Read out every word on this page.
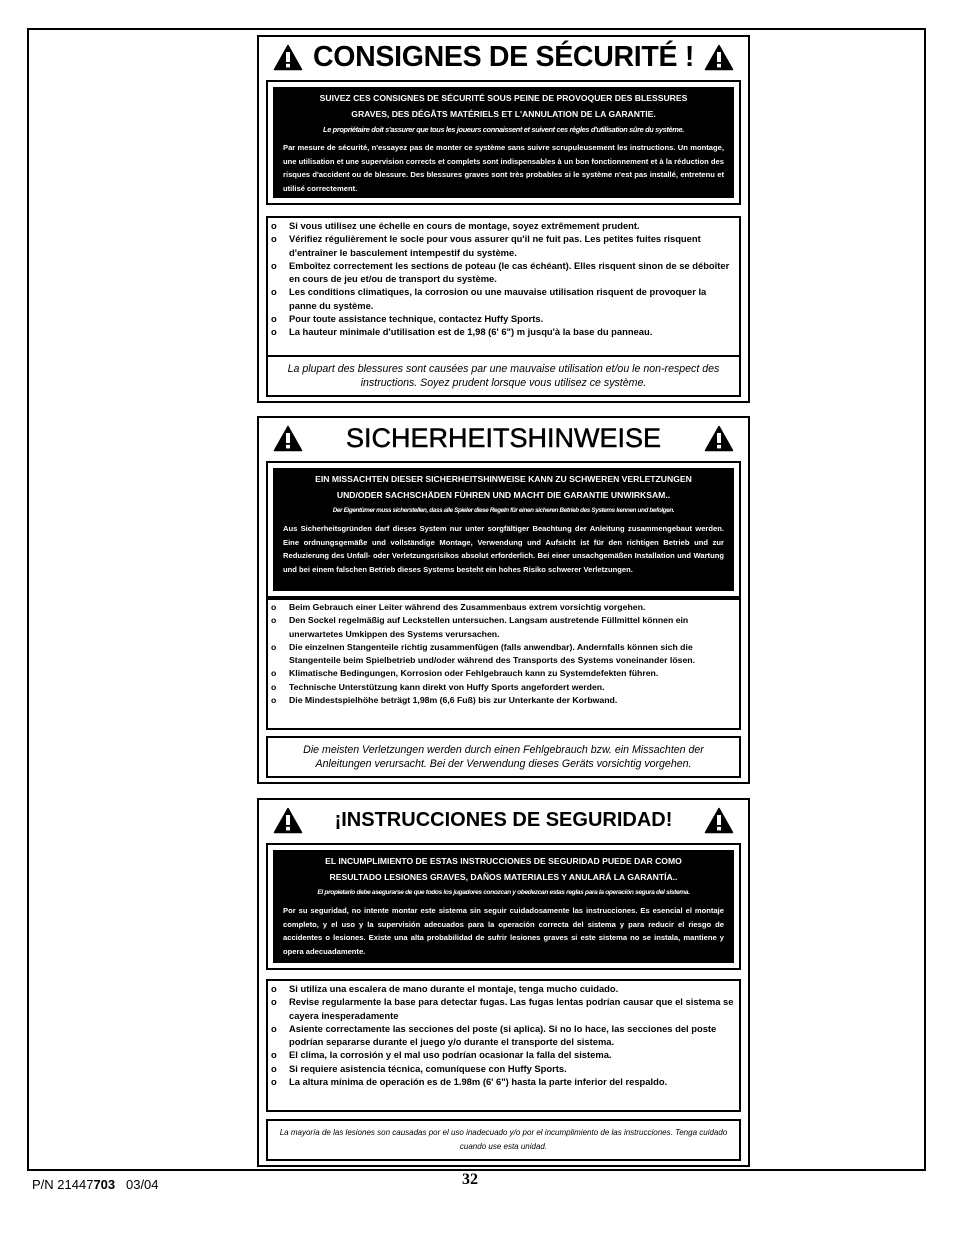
CONSIGNES DE SÉCURITÉ !
SUIVEZ CES CONSIGNES DE SÉCURITÉ SOUS PEINE DE PROVOQUER DES BLESSURES
GRAVES, DES DÉGÂTS MATÉRIELS ET L'ANNULATION DE LA GARANTIE.
Le propriétaire doit s'assurer que tous les joueurs connaissent et suivent ces règles d'utilisation sûre du système.
Par mesure de sécurité, n'essayez pas de monter ce système sans suivre scrupuleusement les instructions. Un montage, une utilisation et une supervision corrects et complets sont indispensables à un bon fonctionnement et à la réduction des risques d'accident ou de blessure. Des blessures graves sont très probables si le système n'est pas installé, entretenu et utilisé correctement.
o Si vous utilisez une échelle en cours de montage, soyez extrêmement prudent.
o Vérifiez régulièrement le socle pour vous assurer qu'il ne fuit pas. Les petites fuites risquent d'entraîner le basculement intempestif du système.
o Emboîtez correctement les sections de poteau (le cas échéant). Elles risquent sinon de se déboîter en cours de jeu et/ou de transport du système.
o Les conditions climatiques, la corrosion ou une mauvaise utilisation risquent de provoquer la panne du système.
o Pour toute assistance technique, contactez Huffy Sports.
o La hauteur minimale d'utilisation est de 1,98 (6' 6") m jusqu'à la base du panneau.
La plupart des blessures sont causées par une mauvaise utilisation et/ou le non-respect des instructions. Soyez prudent lorsque vous utilisez ce système.
SICHERHEITSHINWEISE
EIN MISSACHTEN DIESER SICHERHEITSHINWEISE KANN ZU SCHWEREN VERLETZUNGEN
UND/ODER SACHSCHÄDEN FÜHREN UND MACHT DIE GARANTIE UNWIRKSAM..
Der Eigentümer muss sicherstellen, dass alle Spieler diese Regeln für einen sicheren Betrieb des Systems kennen und befolgen.
Aus Sicherheitsgründen darf dieses System nur unter sorgfältiger Beachtung der Anleitung zusammengebaut werden. Eine ordnungsgemäße und vollständige Montage, Verwendung und Aufsicht ist für den richtigen Betrieb und zur Reduzierung des Unfall- oder Verletzungsrisikos absolut erforderlich. Bei einer unsachgemäßen Installation und Wartung und bei einem falschen Betrieb dieses Systems besteht ein hohes Risiko schwerer Verletzungen.
o Beim Gebrauch einer Leiter während des Zusammenbaus extrem vorsichtig vorgehen.
o Den Sockel regelmäßig auf Leckstellen untersuchen. Langsam austretende Füllmittel können ein unerwartetes Umkippen des Systems verursachen.
o Die einzelnen Stangenteile richtig zusammenfügen (falls anwendbar). Andernfalls können sich die Stangenteile beim Spielbetrieb und/oder während des Transports des Systems voneinander lösen.
o Klimatische Bedingungen, Korrosion oder Fehlgebrauch kann zu Systemdefekten führen.
o Technische Unterstützung kann direkt von Huffy Sports angefordert werden.
o Die Mindestspielhöhe beträgt 1,98m (6,6 Fuß) bis zur Unterkante der Korbwand.
Die meisten Verletzungen werden durch einen Fehlgebrauch bzw. ein Missachten der Anleitungen verursacht. Bei der Verwendung dieses Geräts vorsichtig vorgehen.
¡INSTRUCCIONES DE SEGURIDAD!
EL INCUMPLIMIENTO DE ESTAS INSTRUCCIONES DE SEGURIDAD PUEDE DAR COMO
RESULTADO LESIONES GRAVES, DAÑOS MATERIALES Y ANULARÁ LA GARANTÍA..
El propietario debe asegurarse de que todos los jugadores conozcan y obedezcan estas reglas para la operación segura del sistema.
Por su seguridad, no intente montar este sistema sin seguir cuidadosamente las instrucciones. Es esencial el montaje completo, y el uso y la supervisión adecuados para la operación correcta del sistema y para reducir el riesgo de accidentes o lesiones. Existe una alta probabilidad de sufrir lesiones graves si este sistema no se instala, mantiene y opera adecuadamente.
o Si utiliza una escalera de mano durante el montaje, tenga mucho cuidado.
o Revise regularmente la base para detectar fugas. Las fugas lentas podrían causar que el sistema se cayera inesperadamente
o Asiente correctamente las secciones del poste (si aplica). Si no lo hace, las secciones del poste podrían separarse durante el juego y/o durante el transporte del sistema.
o El clima, la corrosión y el mal uso podrían ocasionar la falla del sistema.
o Si requiere asistencia técnica, comuníquese con Huffy Sports.
o La altura mínima de operación es de 1.98m (6' 6") hasta la parte inferior del respaldo.
La mayoría de las lesiones son causadas por el uso inadecuado y/o por el incumplimiento de las instrucciones. Tenga cuidado cuando use esta unidad.
P/N 21447703 03/04	32
